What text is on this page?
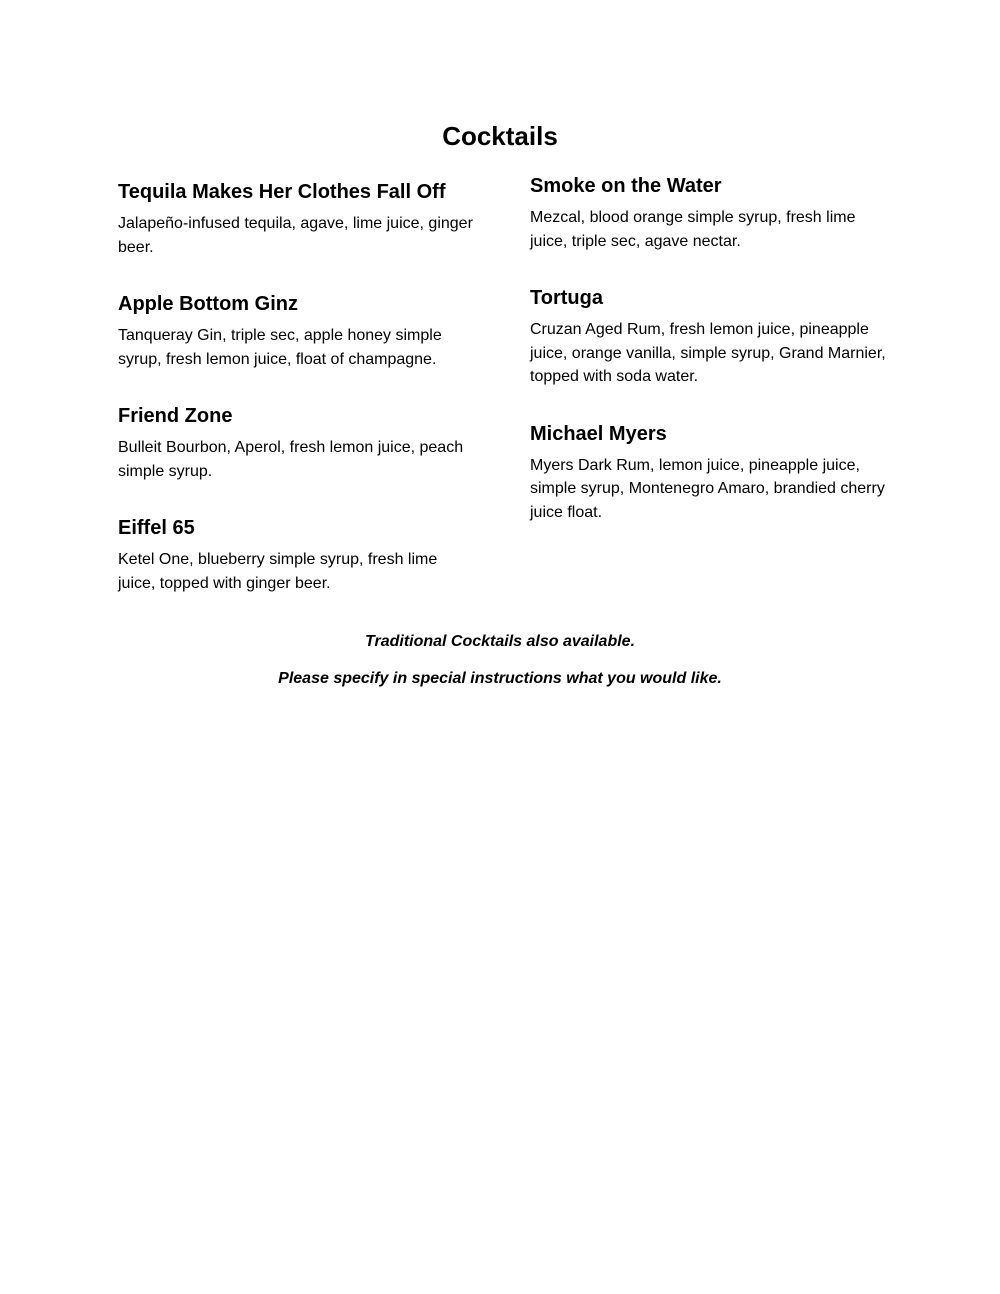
Cocktails

Tequila Makes Her Clothes Fall Off

Jalapeño-infused tequila, agave, lime juice, ginger beer.

Apple Bottom Ginz

Tanqueray Gin, triple sec, apple honey simple syrup, fresh lemon juice, float of champagne.

Friend Zone

Bulleit Bourbon, Aperol, fresh lemon juice, peach simple syrup.

Eiffel 65

Ketel One, blueberry simple syrup, fresh lime juice, topped with ginger beer.

Smoke on the Water

Mezcal, blood orange simple syrup, fresh lime juice, triple sec, agave nectar.

Tortuga

Cruzan Aged Rum, fresh lemon juice, pineapple juice, orange vanilla, simple syrup, Grand Marnier, topped with soda water.

Michael Myers

Myers Dark Rum, lemon juice, pineapple juice, simple syrup, Montenegro Amaro, brandied cherry juice float.

Traditional Cocktails also available.

Please specify in special instructions what you would like.
